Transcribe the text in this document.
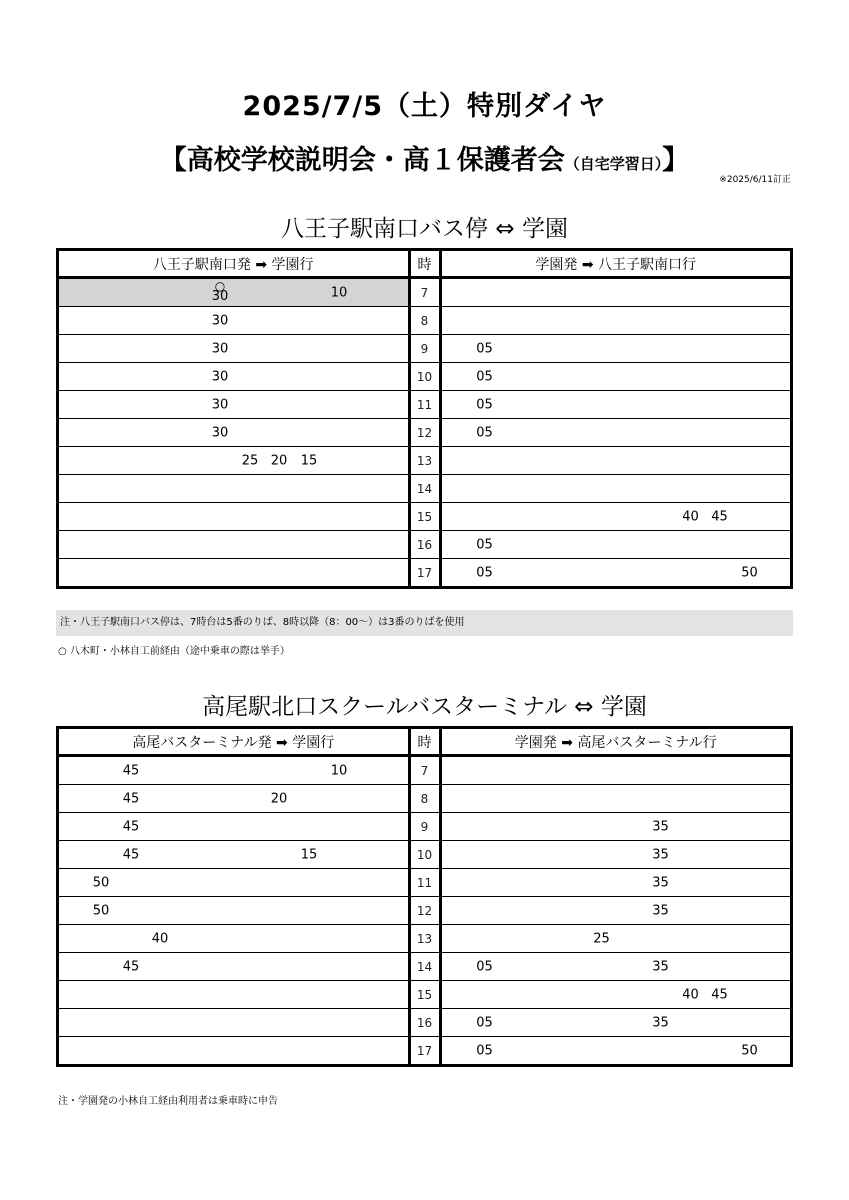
2025/7/5（土）特別ダイヤ
【高校学校説明会・高１保護者会（自宅学習日）】
※2025/6/11訂正
八王子駅南口バス停 ⇔ 学園
八王子駅南口発 ➡ 学園行	時	学園発 ➡ 八王子駅南口行

○
30 10	7	

30	8	

30	9	05

30	10	05

30	11	05

30	12	05

25 20 15	13	
	14	
	15	40 45

	16	05

	17	05 50
注・八王子駅南口バス停は、7時台は5番のりば、8時以降（8：00～）は3番のりばを使用
○ 八木町・小林自工前経由（途中乗車の際は挙手）
高尾駅北口スクールバスターミナル ⇔ 学園
高尾バスターミナル発 ➡ 学園行	時	学園発 ➡ 高尾バスターミナル行

45 10	7	

45 20	8	

45	9	35

45 15	10	35

50	11	35

50	12	35

40	13	25

45	14	05 35

	15	40 45

	16	05 35

	17	05 50
注・学園発の小林自工経由利用者は乗車時に申告
